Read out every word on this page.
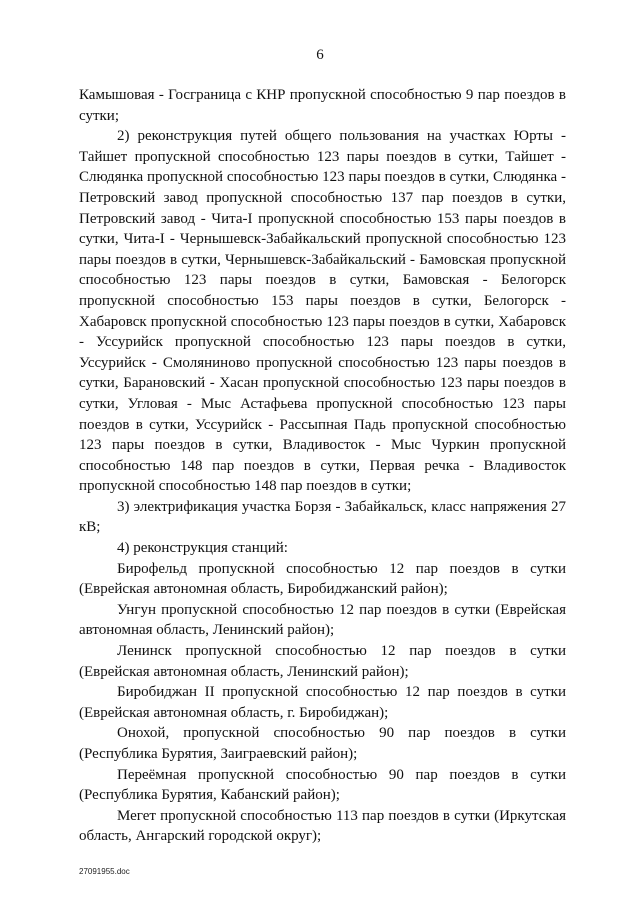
6

Камышовая - Госграница с КНР пропускной способностью 9 пар поездов в сутки;

2) реконструкция путей общего пользования на участках Юрты - Тайшет пропускной способностью 123 пары поездов в сутки, Тайшет - Слюдянка пропускной способностью 123 пары поездов в сутки, Слюдянка - Петровский завод пропускной способностью 137 пар поездов в сутки, Петровский завод - Чита-I пропускной способностью 153 пары поездов в сутки, Чита-I - Чернышевск-Забайкальский пропускной способностью 123 пары поездов в сутки, Чернышевск-Забайкальский - Бамовская пропускной способностью 123 пары поездов в сутки, Бамовская - Белогорск пропускной способностью 153 пары поездов в сутки, Белогорск - Хабаровск пропускной способностью 123 пары поездов в сутки, Хабаровск - Уссурийск пропускной способностью 123 пары поездов в сутки, Уссурийск - Смоляниново пропускной способностью 123 пары поездов в сутки, Барановский - Хасан пропускной способностью 123 пары поездов в сутки, Угловая - Мыс Астафьева пропускной способностью 123 пары поездов в сутки, Уссурийск - Рассыпная Падь пропускной способностью 123 пары поездов в сутки, Владивосток - Мыс Чуркин пропускной способностью 148 пар поездов в сутки, Первая речка - Владивосток пропускной способностью 148 пар поездов в сутки;

3) электрификация участка Борзя - Забайкальск, класс напряжения 27 кВ;

4) реконструкция станций:

Бирофельд пропускной способностью 12 пар поездов в сутки (Еврейская автономная область, Биробиджанский район);

Унгун пропускной способностью 12 пар поездов в сутки (Еврейская автономная область, Ленинский район);

Ленинск пропускной способностью 12 пар поездов в сутки (Еврейская автономная область, Ленинский район);

Биробиджан II пропускной способностью 12 пар поездов в сутки (Еврейская автономная область, г. Биробиджан);

Онохой, пропускной способностью 90 пар поездов в сутки (Республика Бурятия, Заиграевский район);

Переёмная пропускной способностью 90 пар поездов в сутки (Республика Бурятия, Кабанский район);

Мегет пропускной способностью 113 пар поездов в сутки (Иркутская область, Ангарский городской округ);

27091955.doc
